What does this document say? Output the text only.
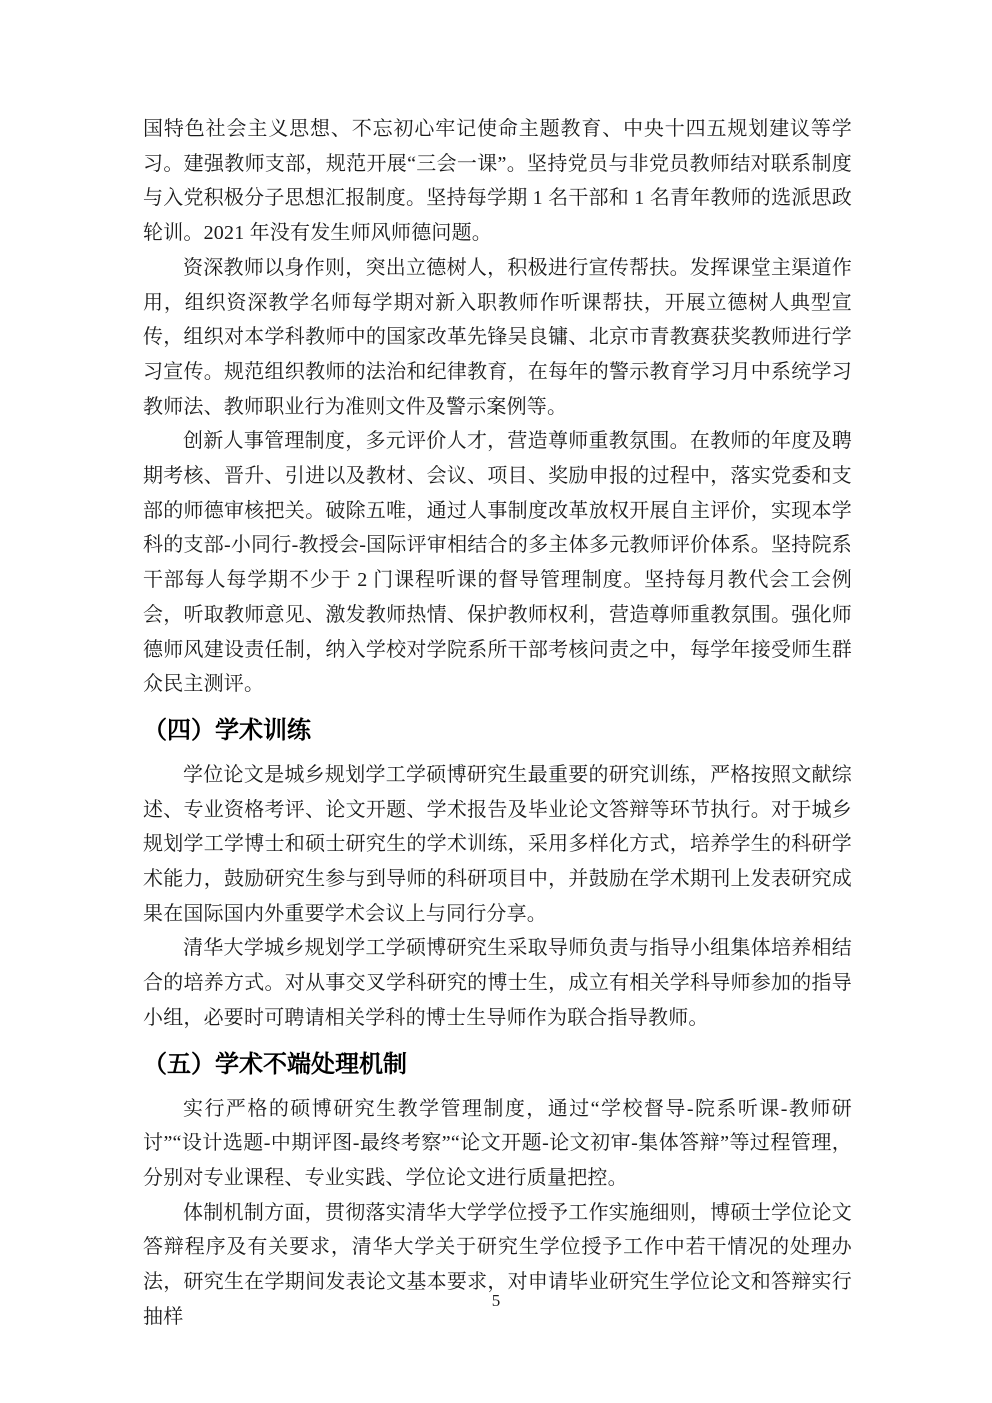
国特色社会主义思想、不忘初心牢记使命主题教育、中央十四五规划建议等学习。建强教师支部，规范开展“三会一课”。坚持党员与非党员教师结对联系制度与入党积极分子思想汇报制度。坚持每学期 1 名干部和 1 名青年教师的选派思政轮训。2021 年没有发生师风师德问题。

资深教师以身作则，突出立德树人，积极进行宣传帮扶。发挥课堂主渠道作用，组织资深教学名师每学期对新入职教师作听课帮扶，开展立德树人典型宣传，组织对本学科教师中的国家改革先锋吴良镛、北京市青教赛获奖教师进行学习宣传。规范组织教师的法治和纪律教育，在每年的警示教育学习月中系统学习教师法、教师职业行为准则文件及警示案例等。

创新人事管理制度，多元评价人才，营造尊师重教氛围。在教师的年度及聘期考核、晋升、引进以及教材、会议、项目、奖励申报的过程中，落实党委和支部的师德审核把关。破除五唯，通过人事制度改革放权开展自主评价，实现本学科的支部-小同行-教授会-国际评审相结合的多主体多元教师评价体系。坚持院系干部每人每学期不少于 2 门课程听课的督导管理制度。坚持每月教代会工会例会，听取教师意见、激发教师热情、保护教师权利，营造尊师重教氛围。强化师德师风建设责任制，纳入学校对学院系所干部考核问责之中，每学年接受师生群众民主测评。

（四）学术训练

学位论文是城乡规划学工学硕博研究生最重要的研究训练，严格按照文献综述、专业资格考评、论文开题、学术报告及毕业论文答辩等环节执行。对于城乡规划学工学博士和硕士研究生的学术训练，采用多样化方式，培养学生的科研学术能力，鼓励研究生参与到导师的科研项目中，并鼓励在学术期刊上发表研究成果在国际国内外重要学术会议上与同行分享。

清华大学城乡规划学工学硕博研究生采取导师负责与指导小组集体培养相结合的培养方式。对从事交叉学科研究的博士生，成立有相关学科导师参加的指导小组，必要时可聘请相关学科的博士生导师作为联合指导教师。

（五）学术不端处理机制

实行严格的硕博研究生教学管理制度，通过“学校督导-院系听课-教师研讨”“设计选题-中期评图-最终考察”“论文开题-论文初审-集体答辩”等过程管理，分别对专业课程、专业实践、学位论文进行质量把控。

体制机制方面，贯彻落实清华大学学位授予工作实施细则，博硕士学位论文答辩程序及有关要求，清华大学关于研究生学位授予工作中若干情况的处理办法，研究生在学期间发表论文基本要求，对申请毕业研究生学位论文和答辩实行抽样

5
